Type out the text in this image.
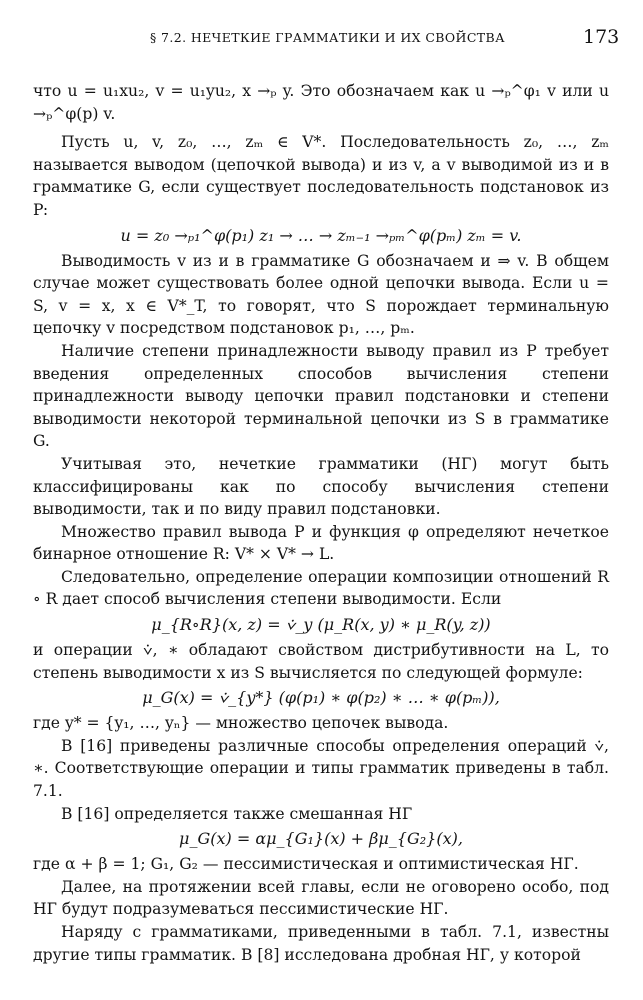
§ 7.2. НЕЧЕТКИЕ ГРАММАТИКИ И ИХ СВОЙСТВА	173

что u = u₁xu₂, v = u₁yu₂, x →ₚ y. Это обозначаем как u →ₚ^φ₁ v или u →ₚ^φ(p) v.

Пусть u, v, z₀, …, zₘ ∈ V*. Последовательность z₀, …, zₘ называется выводом (цепочкой вывода) и из v, а v выводимой из и в грамматике G, если существует последовательность подстановок из P:

u = z₀ →ₚ₁^φ(p₁) z₁ → … → zₘ₋₁ →ₚₘ^φ(pₘ) zₘ = v.

Выводимость v из и в грамматике G обозначаем и ⇒ v. В общем случае может существовать более одной цепочки вывода. Если u = S, v = x, x ∈ V*_T, то говорят, что S порождает терминальную цепочку v посредством подстановок p₁, …, pₘ.

Наличие степени принадлежности выводу правил из P требует введения определенных способов вычисления степени принадлежности выводу цепочки правил подстановки и степени выводимости некоторой терминальной цепочки из S в грамматике G.

Учитывая это, нечеткие грамматики (НГ) могут быть классифицированы как по способу вычисления степени выводимости, так и по виду правил подстановки.

Множество правил вывода P и функция φ определяют нечеткое бинарное отношение R: V* × V* → L.

Следовательно, определение операции композиции отношений R ∘ R дает способ вычисления степени выводимости. Если

μ_{R∘R}(x, z) = ⩒_y (μ_R(x, y) ∗ μ_R(y, z))

и операции ⩒, ∗ обладают свойством дистрибутивности на L, то степень выводимости x из S вычисляется по следующей формуле:

μ_G(x) = ⩒_{y*} (φ(p₁) ∗ φ(p₂) ∗ … ∗ φ(pₘ)),

где y* = {y₁, …, yₙ} — множество цепочек вывода.

В [16] приведены различные способы определения операций ⩒, ∗. Соответствующие операции и типы грамматик приведены в табл. 7.1.

В [16] определяется также смешанная НГ

μ_G(x) = αμ_{G₁}(x) + βμ_{G₂}(x),

где α + β = 1; G₁, G₂ — пессимистическая и оптимистическая НГ.

Далее, на протяжении всей главы, если не оговорено особо, под НГ будут подразумеваться пессимистические НГ.

Наряду с грамматиками, приведенными в табл. 7.1, известны другие типы грамматик. В [8] исследована дробная НГ, у которой
